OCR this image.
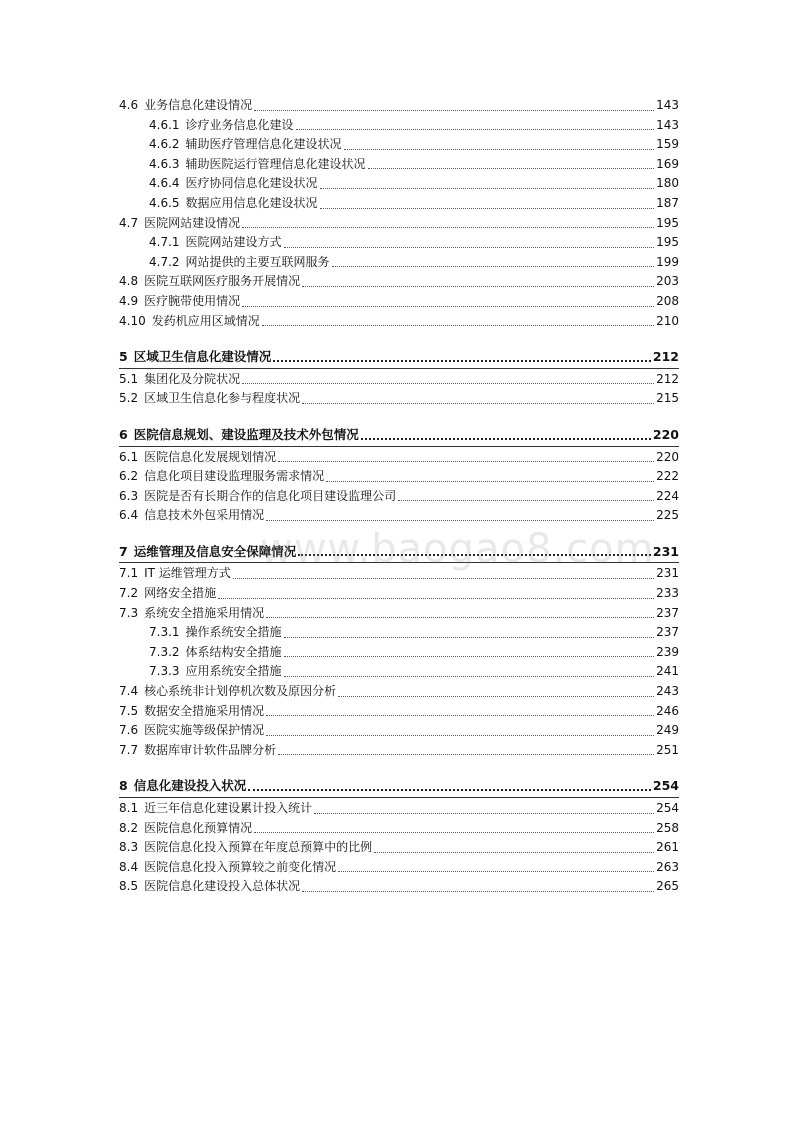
4.6 业务信息化建设情况	143
4.6.1 诊疗业务信息化建设	143
4.6.2 辅助医疗管理信息化建设状况	159
4.6.3 辅助医院运行管理信息化建设状况	169
4.6.4 医疗协同信息化建设状况	180
4.6.5 数据应用信息化建设状况	187
4.7 医院网站建设情况	195
4.7.1 医院网站建设方式	195
4.7.2 网站提供的主要互联网服务	199
4.8 医院互联网医疗服务开展情况	203
4.9 医疗腕带使用情况	208
4.10 发药机应用区域情况	210
5 区域卫生信息化建设情况	212
5.1 集团化及分院状况	212
5.2 区域卫生信息化参与程度状况	215
6 医院信息规划、建设监理及技术外包情况	220
6.1 医院信息化发展规划情况	220
6.2 信息化项目建设监理服务需求情况	222
6.3 医院是否有长期合作的信息化项目建设监理公司	224
6.4 信息技术外包采用情况	225
7 运维管理及信息安全保障情况	231
7.1 IT 运维管理方式	231
7.2 网络安全措施	233
7.3 系统安全措施采用情况	237
7.3.1 操作系统安全措施	237
7.3.2 体系结构安全措施	239
7.3.3 应用系统安全措施	241
7.4 核心系统非计划停机次数及原因分析	243
7.5 数据安全措施采用情况	246
7.6 医院实施等级保护情况	249
7.7 数据库审计软件品牌分析	251
8 信息化建设投入状况	254
8.1 近三年信息化建设累计投入统计	254
8.2 医院信息化预算情况	258
8.3 医院信息化投入预算在年度总预算中的比例	261
8.4 医院信息化投入预算较之前变化情况	263
8.5 医院信息化建设投入总体状况	265
www.baogao8.com
